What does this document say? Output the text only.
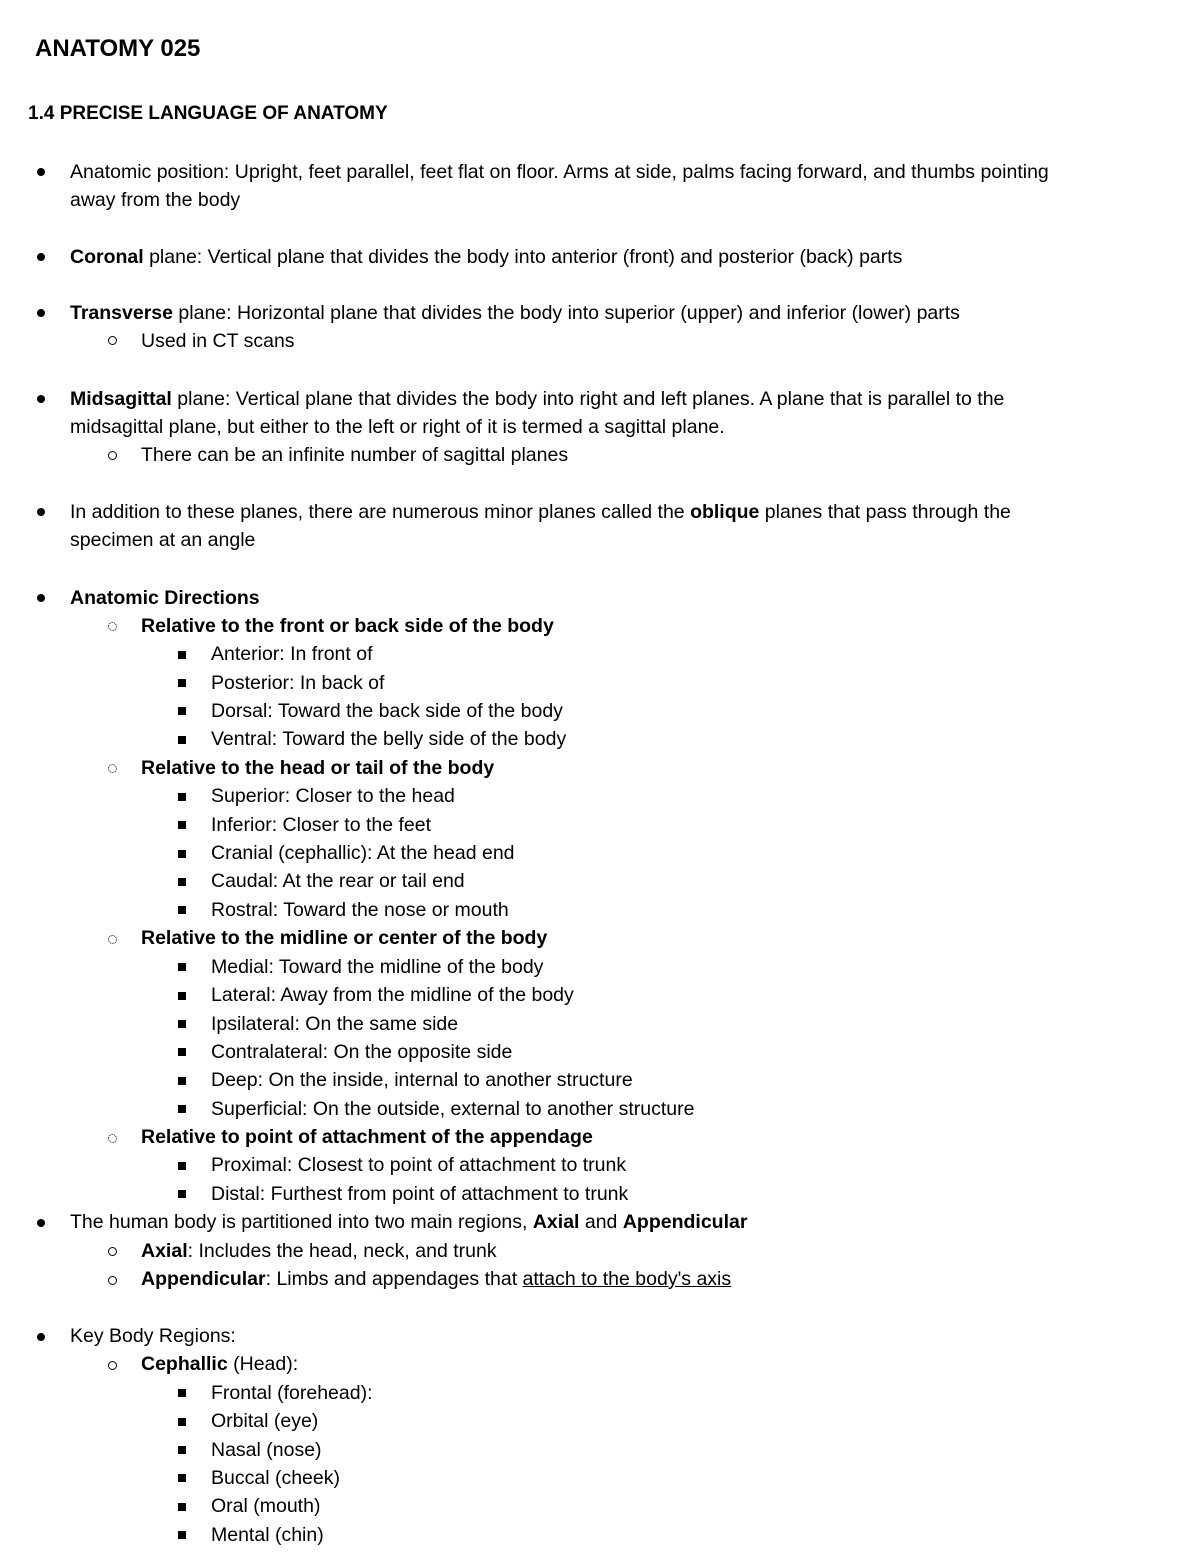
ANATOMY 025
1.4 PRECISE LANGUAGE OF ANATOMY
Anatomic position: Upright, feet parallel, feet flat on floor. Arms at side, palms facing forward, and thumbs pointing
away from the body
Coronal plane: Vertical plane that divides the body into anterior (front) and posterior (back) parts
Transverse plane: Horizontal plane that divides the body into superior (upper) and inferior (lower) parts
Used in CT scans
Midsagittal plane: Vertical plane that divides the body into right and left planes. A plane that is parallel to the
midsagittal plane, but either to the left or right of it is termed a sagittal plane.
There can be an infinite number of sagittal planes
In addition to these planes, there are numerous minor planes called the oblique planes that pass through the
specimen at an angle
Anatomic Directions
Relative to the front or back side of the body
Anterior: In front of
Posterior: In back of
Dorsal: Toward the back side of the body
Ventral: Toward the belly side of the body
Relative to the head or tail of the body
Superior: Closer to the head
Inferior: Closer to the feet
Cranial (cephallic): At the head end
Caudal: At the rear or tail end
Rostral: Toward the nose or mouth
Relative to the midline or center of the body
Medial: Toward the midline of the body
Lateral: Away from the midline of the body
Ipsilateral: On the same side
Contralateral: On the opposite side
Deep: On the inside, internal to another structure
Superficial: On the outside, external to another structure
Relative to point of attachment of the appendage
Proximal: Closest to point of attachment to trunk
Distal: Furthest from point of attachment to trunk
The human body is partitioned into two main regions, Axial and Appendicular
Axial: Includes the head, neck, and trunk
Appendicular: Limbs and appendages that attach to the body's axis
Key Body Regions:
Cephallic (Head):
Frontal (forehead):
Orbital (eye)
Nasal (nose)
Buccal (cheek)
Oral (mouth)
Mental (chin)
